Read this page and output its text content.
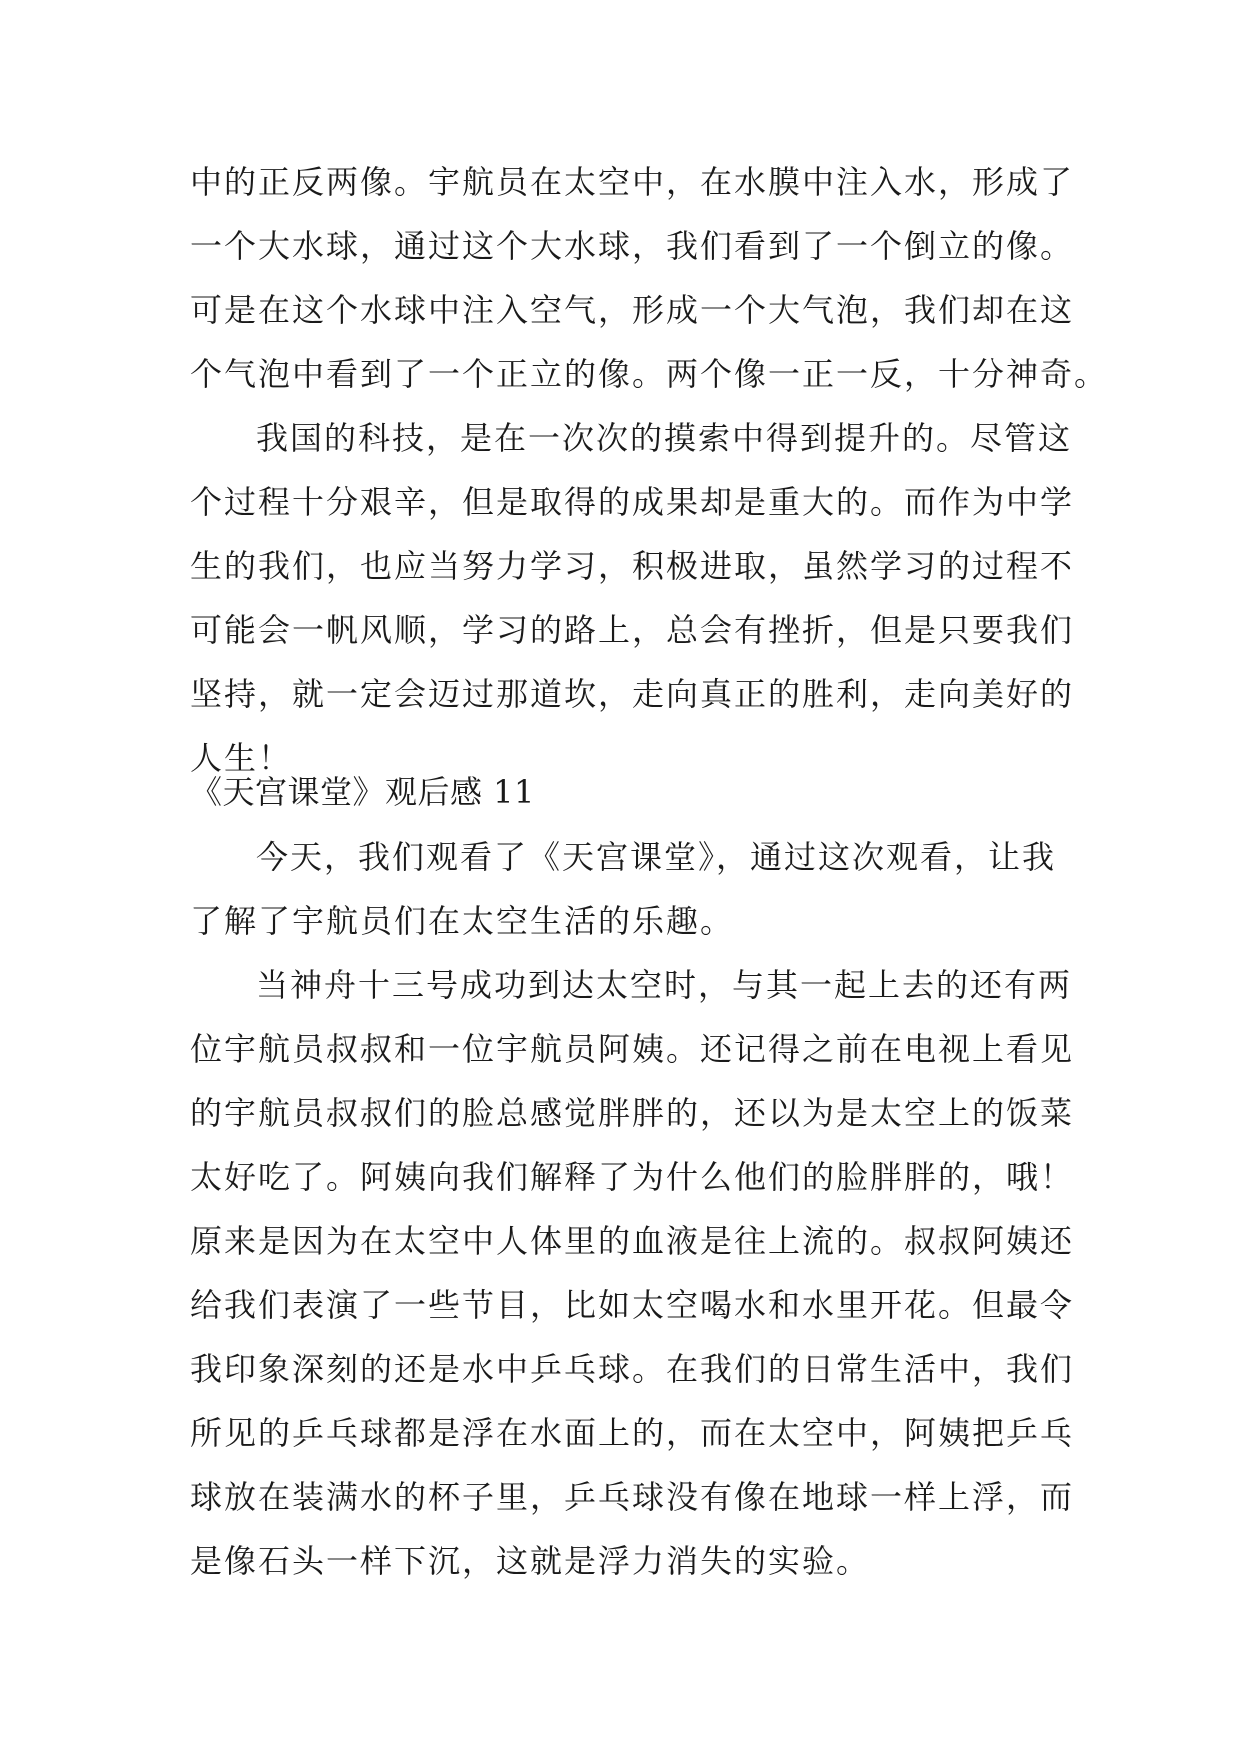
中的正反两像。宇航员在太空中，在水膜中注入水，形成了
一个大水球，通过这个大水球，我们看到了一个倒立的像。
可是在这个水球中注入空气，形成一个大气泡，我们却在这
个气泡中看到了一个正立的像。两个像一正一反，十分神奇。
我国的科技，是在一次次的摸索中得到提升的。尽管这
个过程十分艰辛，但是取得的成果却是重大的。而作为中学
生的我们，也应当努力学习，积极进取，虽然学习的过程不
可能会一帆风顺，学习的路上，总会有挫折，但是只要我们
坚持，就一定会迈过那道坎，走向真正的胜利，走向美好的
人生！
《天宫课堂》观后感 11
今天，我们观看了《天宫课堂》，通过这次观看，让我
了解了宇航员们在太空生活的乐趣。
当神舟十三号成功到达太空时，与其一起上去的还有两
位宇航员叔叔和一位宇航员阿姨。还记得之前在电视上看见
的宇航员叔叔们的脸总感觉胖胖的，还以为是太空上的饭菜
太好吃了。阿姨向我们解释了为什么他们的脸胖胖的，哦！
原来是因为在太空中人体里的血液是往上流的。叔叔阿姨还
给我们表演了一些节目，比如太空喝水和水里开花。但最令
我印象深刻的还是水中乒乓球。在我们的日常生活中，我们
所见的乒乓球都是浮在水面上的，而在太空中，阿姨把乒乓
球放在装满水的杯子里，乒乓球没有像在地球一样上浮，而
是像石头一样下沉，这就是浮力消失的实验。
